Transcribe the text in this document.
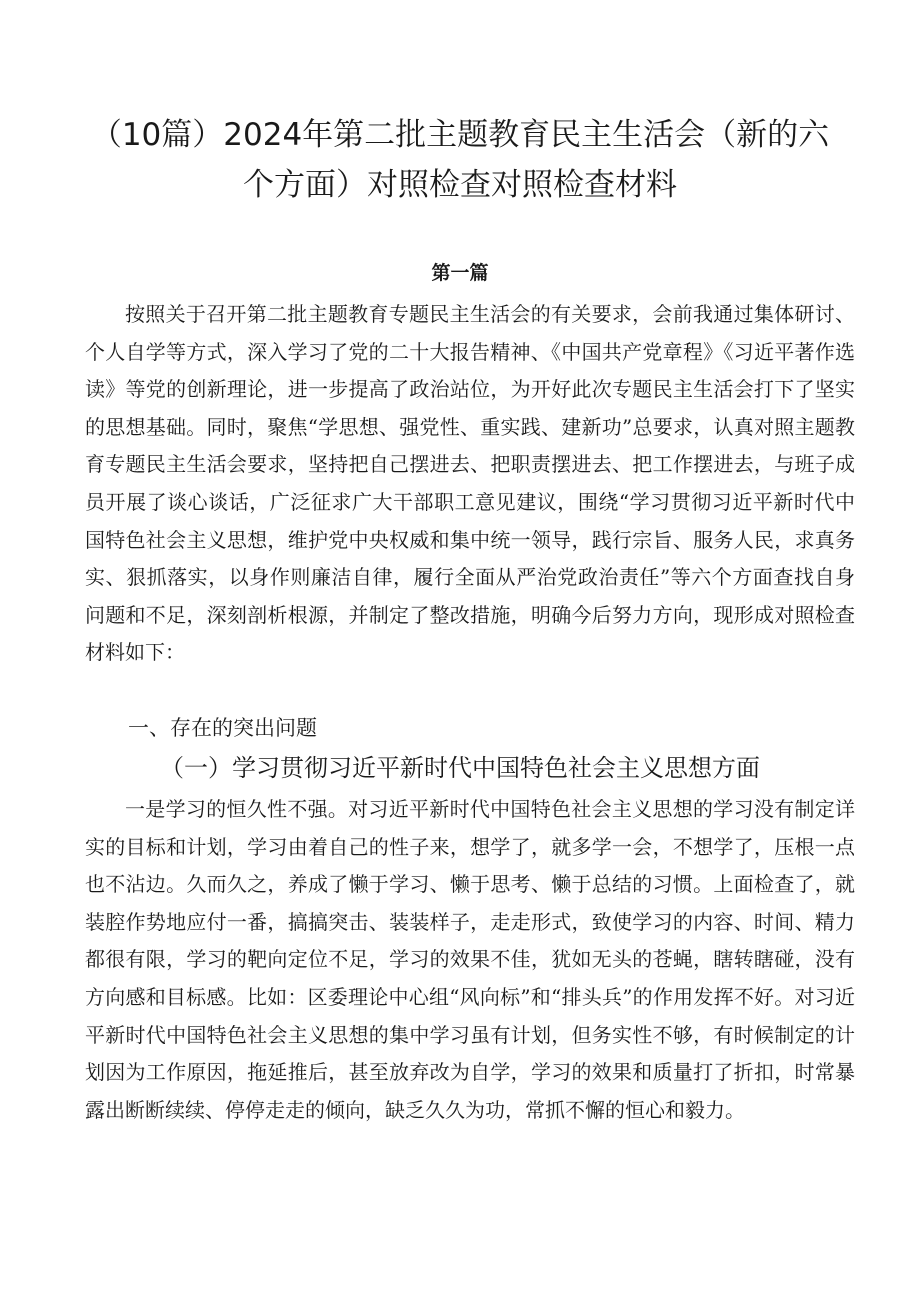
（10篇）2024年第二批主题教育民主生活会（新的六
个方面）对照检查对照检查材料
第一篇

按照关于召开第二批主题教育专题民主生活会的有关要求，会前我通过集体研讨、个人自学等方式，深入学习了党的二十大报告精神、《中国共产党章程》《习近平著作选读》等党的创新理论，进一步提高了政治站位，为开好此次专题民主生活会打下了坚实的思想基础。同时，聚焦“学思想、强党性、重实践、建新功”总要求，认真对照主题教育专题民主生活会要求，坚持把自己摆进去、把职责摆进去、把工作摆进去，与班子成员开展了谈心谈话，广泛征求广大干部职工意见建议，围绕“学习贯彻习近平新时代中国特色社会主义思想，维护党中央权威和集中统一领导，践行宗旨、服务人民，求真务实、狠抓落实，以身作则廉洁自律，履行全面从严治党政治责任”等六个方面查找自身问题和不足，深刻剖析根源，并制定了整改措施，明确今后努力方向，现形成对照检查材料如下：

一、存在的突出问题
（一）学习贯彻习近平新时代中国特色社会主义思想方面

一是学习的恒久性不强。对习近平新时代中国特色社会主义思想的学习没有制定详实的目标和计划，学习由着自己的性子来，想学了，就多学一会，不想学了，压根一点也不沾边。久而久之，养成了懒于学习、懒于思考、懒于总结的习惯。上面检查了，就装腔作势地应付一番，搞搞突击、装装样子，走走形式，致使学习的内容、时间、精力都很有限，学习的靶向定位不足，学习的效果不佳，犹如无头的苍蝇，瞎转瞎碰，没有方向感和目标感。比如：区委理论中心组“风向标”和“排头兵”的作用发挥不好。对习近平新时代中国特色社会主义思想的集中学习虽有计划，但务实性不够，有时候制定的计划因为工作原因，拖延推后，甚至放弃改为自学，学习的效果和质量打了折扣，时常暴露出断断续续、停停走走的倾向，缺乏久久为功，常抓不懈的恒心和毅力。
